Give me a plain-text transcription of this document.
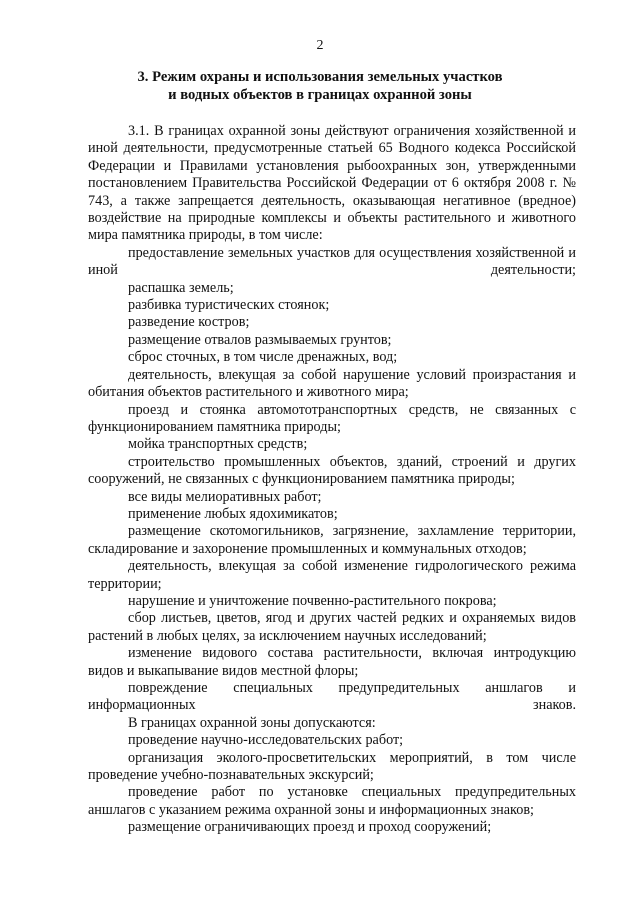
2
3. Режим охраны и использования земельных участков
и водных объектов в границах охранной зоны

3.1. В границах охранной зоны действуют ограничения хозяйственной и иной деятельности, предусмотренные статьей 65 Водного кодекса Российской Федерации и Правилами установления рыбоохранных зон, утвержденными постановлением Правительства Российской Федерации от 6 октября 2008 г. № 743, а также запрещается деятельность, оказывающая негативное (вредное) воздействие на природные комплексы и объекты растительного и животного мира памятника природы, в том числе:

предоставление земельных участков для осуществления хозяйственной и иной деятельности;

распашка земель;

разбивка туристических стоянок;

разведение костров;

размещение отвалов размываемых грунтов;

сброс сточных, в том числе дренажных, вод;

деятельность, влекущая за собой нарушение условий произрастания и обитания объектов растительного и животного мира;

проезд и стоянка автомототранспортных средств, не связанных с функционированием памятника природы;

мойка транспортных средств;

строительство промышленных объектов, зданий, строений и других сооружений, не связанных с функционированием памятника природы;

все виды мелиоративных работ;

применение любых ядохимикатов;

размещение скотомогильников, загрязнение, захламление территории, складирование и захоронение промышленных и коммунальных отходов;

деятельность, влекущая за собой изменение гидрологического режима территории;

нарушение и уничтожение почвенно-растительного покрова;

сбор листьев, цветов, ягод и других частей редких и охраняемых видов растений в любых целях, за исключением научных исследований;

изменение видового состава растительности, включая интродукцию видов и выкапывание видов местной флоры;

повреждение специальных предупредительных аншлагов и информационных знаков.

В границах охранной зоны допускаются:

проведение научно-исследовательских работ;

организация эколого-просветительских мероприятий, в том числе проведение учебно-познавательных экскурсий;

проведение работ по установке специальных предупредительных аншлагов с указанием режима охранной зоны и информационных знаков;

размещение ограничивающих проезд и проход сооружений;
